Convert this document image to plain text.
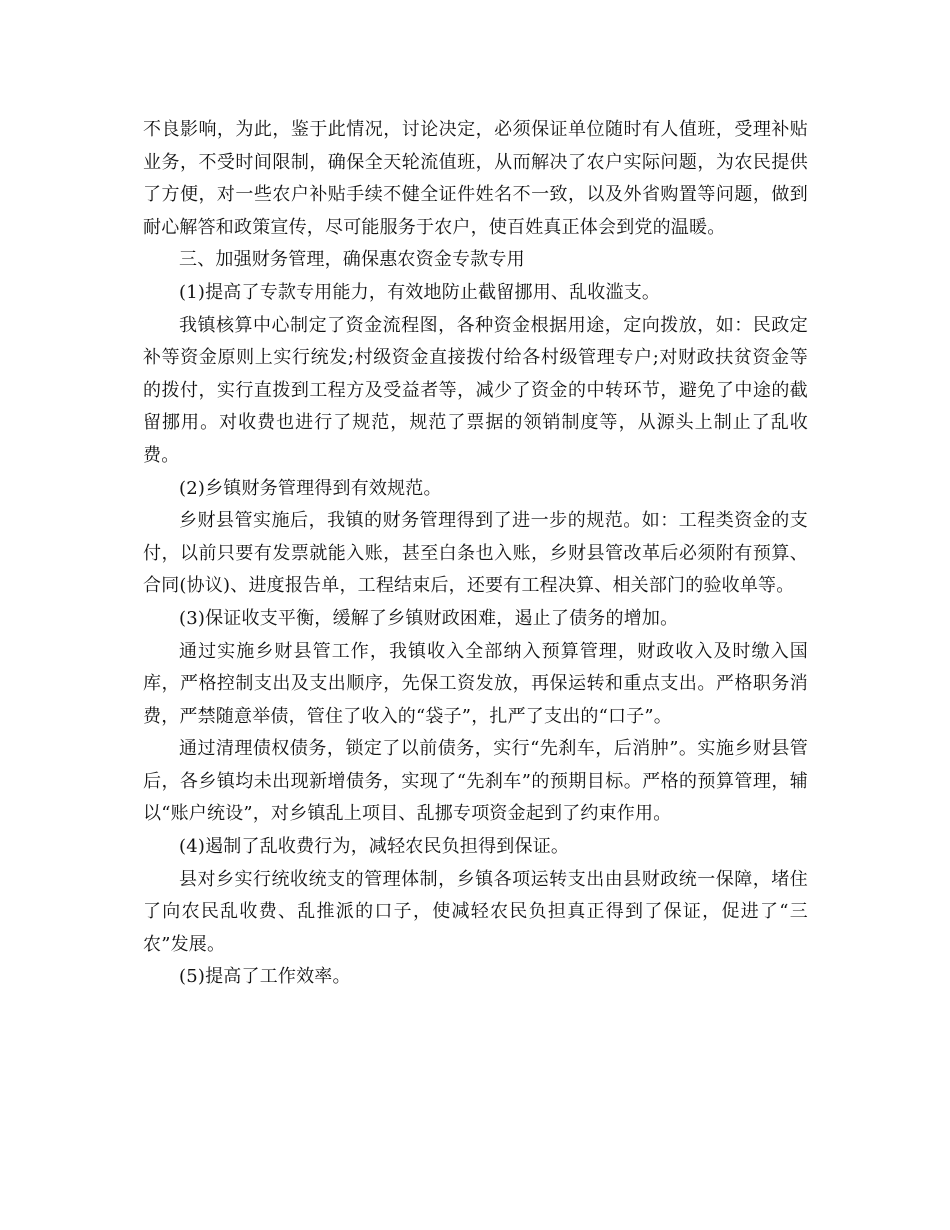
不良影响，为此，鉴于此情况，讨论决定，必须保证单位随时有人值班，受理补贴业务，不受时间限制，确保全天轮流值班，从而解决了农户实际问题，为农民提供了方便，对一些农户补贴手续不健全证件姓名不一致，以及外省购置等问题，做到耐心解答和政策宣传，尽可能服务于农户，使百姓真正体会到党的温暖。

三、加强财务管理，确保惠农资金专款专用

(1)提高了专款专用能力，有效地防止截留挪用、乱收滥支。

我镇核算中心制定了资金流程图，各种资金根据用途，定向拨放，如：民政定补等资金原则上实行统发;村级资金直接拨付给各村级管理专户;对财政扶贫资金等的拨付，实行直拨到工程方及受益者等，减少了资金的中转环节，避免了中途的截留挪用。对收费也进行了规范，规范了票据的领销制度等，从源头上制止了乱收费。

(2)乡镇财务管理得到有效规范。

乡财县管实施后，我镇的财务管理得到了进一步的规范。如：工程类资金的支付，以前只要有发票就能入账，甚至白条也入账，乡财县管改革后必须附有预算、合同(协议)、进度报告单，工程结束后，还要有工程决算、相关部门的验收单等。

(3)保证收支平衡，缓解了乡镇财政困难，遏止了债务的增加。

通过实施乡财县管工作，我镇收入全部纳入预算管理，财政收入及时缴入国库，严格控制支出及支出顺序，先保工资发放，再保运转和重点支出。严格职务消费，严禁随意举债，管住了收入的“袋子”，扎严了支出的“口子”。

通过清理债权债务，锁定了以前债务，实行“先刹车，后消肿”。实施乡财县管后，各乡镇均未出现新增债务，实现了“先刹车”的预期目标。严格的预算管理，辅以“账户统设”，对乡镇乱上项目、乱挪专项资金起到了约束作用。

(4)遏制了乱收费行为，减轻农民负担得到保证。

县对乡实行统收统支的管理体制，乡镇各项运转支出由县财政统一保障，堵住了向农民乱收费、乱推派的口子，使减轻农民负担真正得到了保证，促进了“三农”发展。

(5)提高了工作效率。
